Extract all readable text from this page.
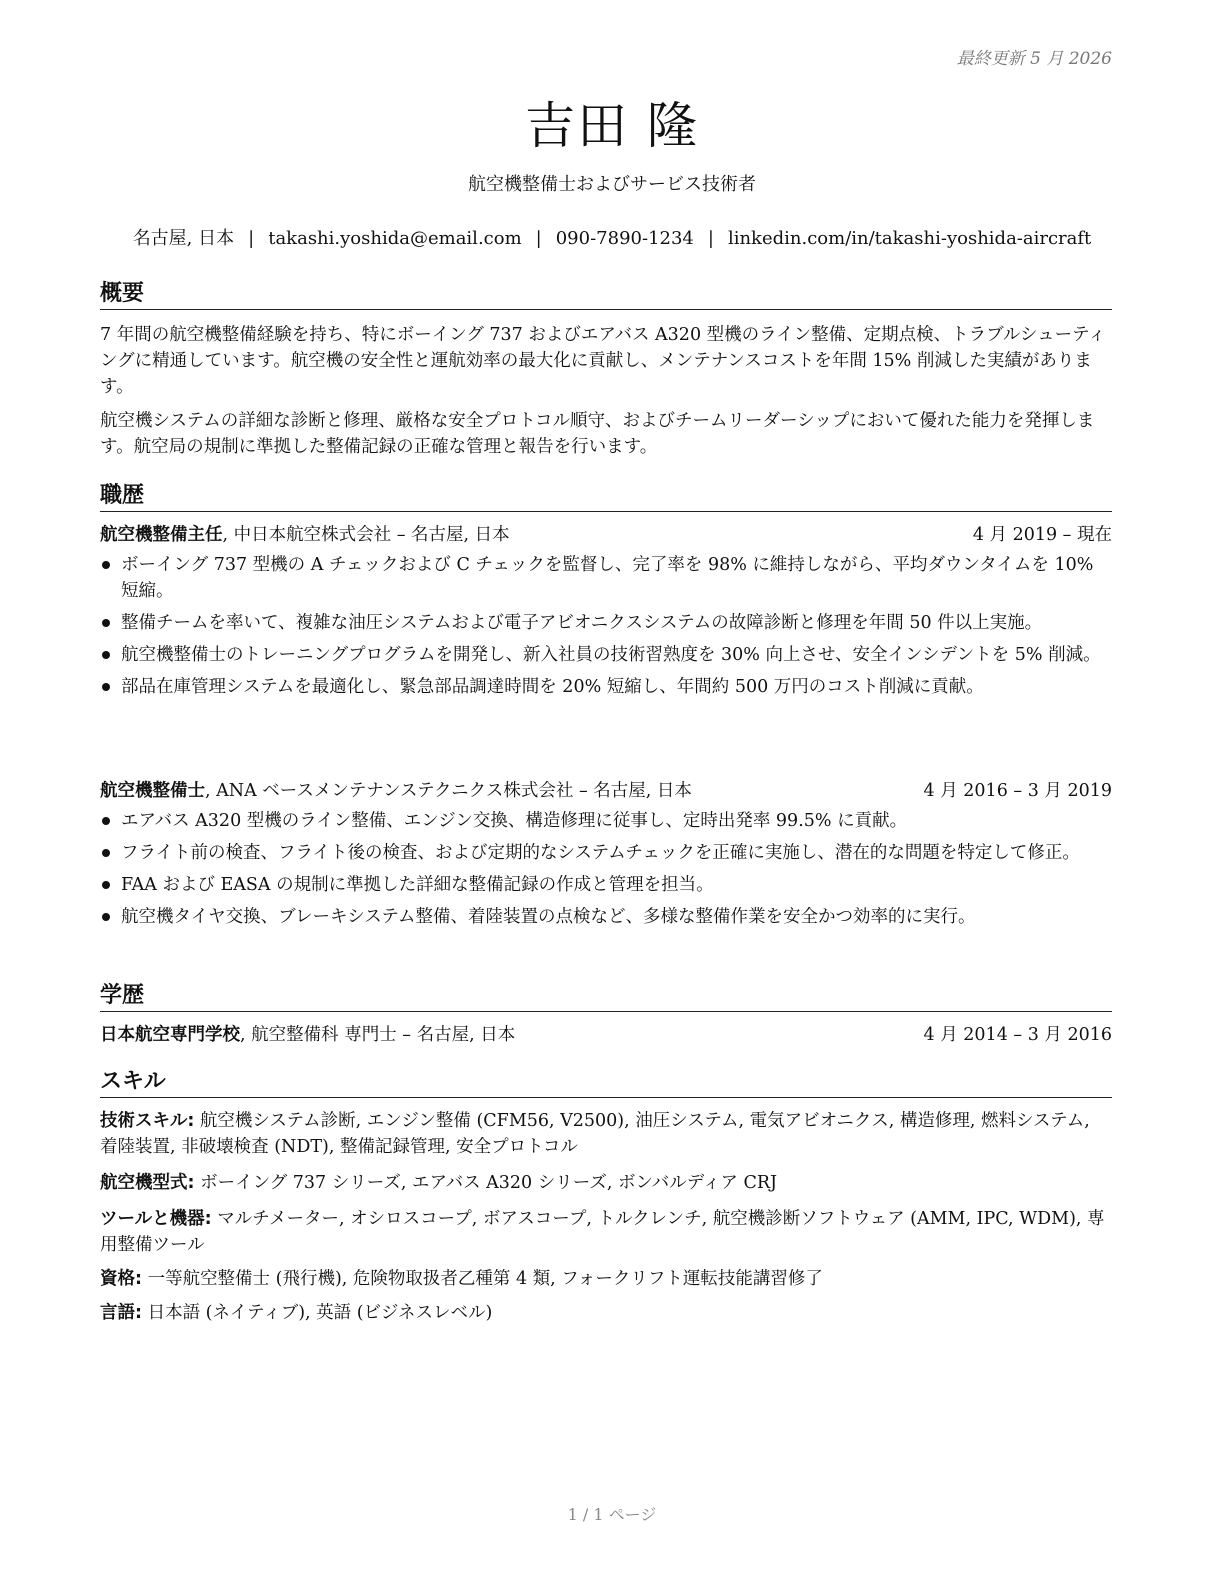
最終更新 5 月 2026
吉田 隆
航空機整備士およびサービス技術者
名古屋, 日本 | takashi.yoshida@email.com | 090-7890-1234 | linkedin.com/in/takashi-yoshida-aircraft
概要
7 年間の航空機整備経験を持ち、特にボーイング 737 およびエアバス A320 型機のライン整備、定期点検、トラブルシューティングに精通しています。航空機の安全性と運航効率の最大化に貢献し、メンテナンスコストを年間 15% 削減した実績があります。
航空機システムの詳細な診断と修理、厳格な安全プロトコル順守、およびチームリーダーシップにおいて優れた能力を発揮します。航空局の規制に準拠した整備記録の正確な管理と報告を行います。
職歴
航空機整備主任, 中日本航空株式会社 – 名古屋, 日本	4 月 2019 – 現在
ボーイング 737 型機の A チェックおよび C チェックを監督し、完了率を 98% に維持しながら、平均ダウンタイムを 10% 短縮。
整備チームを率いて、複雑な油圧システムおよび電子アビオニクスシステムの故障診断と修理を年間 50 件以上実施。
航空機整備士のトレーニングプログラムを開発し、新入社員の技術習熟度を 30% 向上させ、安全インシデントを 5% 削減。
部品在庫管理システムを最適化し、緊急部品調達時間を 20% 短縮し、年間約 500 万円のコスト削減に貢献。
航空機整備士, ANA ベースメンテナンステクニクス株式会社 – 名古屋, 日本	4 月 2016 – 3 月 2019
エアバス A320 型機のライン整備、エンジン交換、構造修理に従事し、定時出発率 99.5% に貢献。
フライト前の検査、フライト後の検査、および定期的なシステムチェックを正確に実施し、潜在的な問題を特定して修正。
FAA および EASA の規制に準拠した詳細な整備記録の作成と管理を担当。
航空機タイヤ交換、ブレーキシステム整備、着陸装置の点検など、多様な整備作業を安全かつ効率的に実行。
学歴
日本航空専門学校, 航空整備科 専門士 – 名古屋, 日本	4 月 2014 – 3 月 2016
スキル
技術スキル: 航空機システム診断, エンジン整備 (CFM56, V2500), 油圧システム, 電気アビオニクス, 構造修理, 燃料システム, 着陸装置, 非破壊検査 (NDT), 整備記録管理, 安全プロトコル
航空機型式: ボーイング 737 シリーズ, エアバス A320 シリーズ, ボンバルディア CRJ
ツールと機器: マルチメーター, オシロスコープ, ボアスコープ, トルクレンチ, 航空機診断ソフトウェア (AMM, IPC, WDM), 専用整備ツール
資格: 一等航空整備士 (飛行機), 危険物取扱者乙種第 4 類, フォークリフト運転技能講習修了
言語: 日本語 (ネイティブ), 英語 (ビジネスレベル)
1 / 1 ページ
